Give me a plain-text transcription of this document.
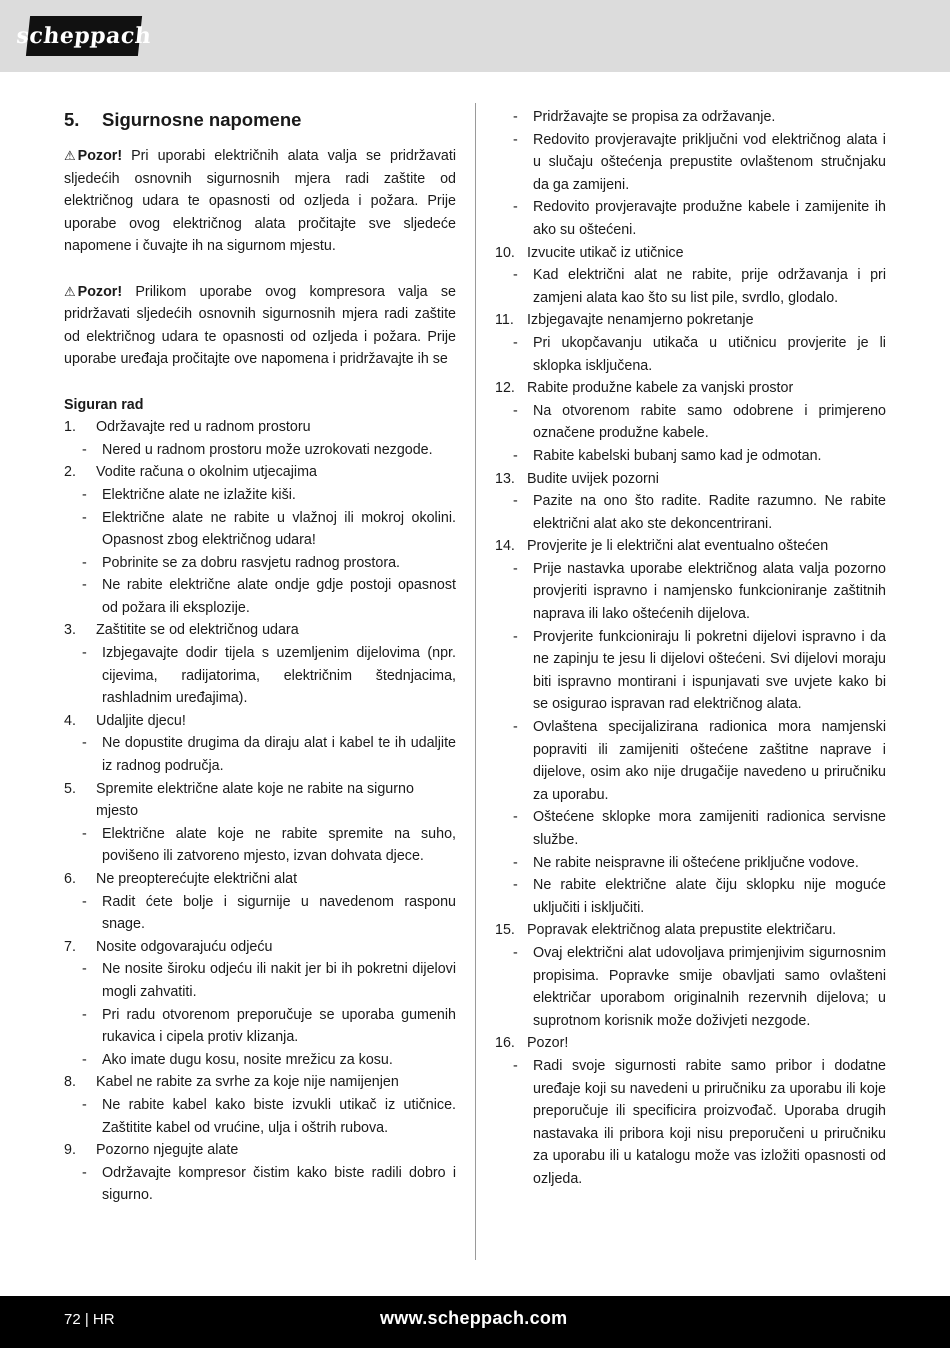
scheppach
5.	Sigurnosne napomene

⚠ Pozor! Pri uporabi električnih alata valja se pridržavati sljedećih osnovnih sigurnosnih mjera radi zaštite od električnog udara te opasnosti od ozljeda i požara. Prije uporabe ovog električnog alata pročitajte sve sljedeće napomene i čuvajte ih na sigurnom mjestu.

⚠ Pozor! Prilikom uporabe ovog kompresora valja se pridržavati sljedećih osnovnih sigurnosnih mjera radi zaštite od električnog udara te opasnosti od ozljeda i požara. Prije uporabe uređaja pročitajte ove napomena i pridržavajte ih se

Siguran rad
1.	Održavajte red u radnom prostoru
-	Nered u radnom prostoru može uzrokovati nezgode.
2.	Vodite računa o okolnim utjecajima
-	Električne alate ne izlažite kiši.
-	Električne alate ne rabite u vlažnoj ili mokroj okolini. Opasnost zbog električnog udara!
-	Pobrinite se za dobru rasvjetu radnog prostora.
-	Ne rabite električne alate ondje gdje postoji opasnost od požara ili eksplozije.
3.	Zaštitite se od električnog udara
-	Izbjegavajte dodir tijela s uzemljenim dijelovima (npr. cijevima, radijatorima, električnim štednjacima, rashladnim uređajima).
4.	Udaljite djecu!
-	Ne dopustite drugima da diraju alat i kabel te ih udaljite iz radnog područja.
5.	Spremite električne alate koje ne rabite na sigurno mjesto
-	Električne alate koje ne rabite spremite na suho, povišeno ili zatvoreno mjesto, izvan dohvata djece.
6.	Ne preopterećujte električni alat
-	Radit ćete bolje i sigurnije u navedenom rasponu snage.
7.	Nosite odgovarajuću odjeću
-	Ne nosite široku odjeću ili nakit jer bi ih pokretni dijelovi mogli zahvatiti.
-	Pri radu otvorenom preporučuje se uporaba gumenih rukavica i cipela protiv klizanja.
-	Ako imate dugu kosu, nosite mrežicu za kosu.
8.	Kabel ne rabite za svrhe za koje nije namijenjen
-	Ne rabite kabel kako biste izvukli utikač iz utičnice. Zaštitite kabel od vrućine, ulja i oštrih rubova.
9.	Pozorno njegujte alate
-	Održavajte kompresor čistim kako biste radili dobro i sigurno.
-	Pridržavajte se propisa za održavanje.
-	Redovito provjeravajte priključni vod električnog alata i u slučaju oštećenja prepustite ovlaštenom stručnjaku da ga zamijeni.
-	Redovito provjeravajte produžne kabele i zamijenite ih ako su oštećeni.
10. Izvucite utikač iz utičnice
-	Kad električni alat ne rabite, prije održavanja i pri zamjeni alata kao što su list pile, svrdlo, glodalo.
11. Izbjegavajte nenamjerno pokretanje
-	Pri ukopčavanju utikača u utičnicu provjerite je li sklopka isključena.
12. Rabite produžne kabele za vanjski prostor
-	Na otvorenom rabite samo odobrene i primjereno označene produžne kabele.
-	Rabite kabelski bubanj samo kad je odmotan.
13. Budite uvijek pozorni
-	Pazite na ono što radite. Radite razumno. Ne rabite električni alat ako ste dekoncentrirani.
14. Provjerite je li električni alat eventualno oštećen
-	Prije nastavka uporabe električnog alata valja pozorno provjeriti ispravno i namjensko funkcioniranje zaštitnih naprava ili lako oštećenih dijelova.
-	Provjerite funkcioniraju li pokretni dijelovi ispravno i da ne zapinju te jesu li dijelovi oštećeni. Svi dijelovi moraju biti ispravno montirani i ispunjavati sve uvjete kako bi se osigurao ispravan rad električnog alata.
-	Ovlaštena specijalizirana radionica mora namjenski popraviti ili zamijeniti oštećene zaštitne naprave i dijelove, osim ako nije drugačije navedeno u priručniku za uporabu.
-	Oštećene sklopke mora zamijeniti radionica servisne službe.
-	Ne rabite neispravne ili oštećene priključne vodove.
-	Ne rabite električne alate čiju sklopku nije moguće uključiti i isključiti.
15. Popravak električnog alata prepustite električaru.
-	Ovaj električni alat udovoljava primjenjivim sigurnosnim propisima. Popravke smije obavljati samo ovlašteni električar uporabom originalnih rezervnih dijelova; u suprotnom korisnik može doživjeti nezgode.
16. Pozor!
-	Radi svoje sigurnosti rabite samo pribor i dodatne uređaje koji su navedeni u priručniku za uporabu ili koje preporučuje ili specificira proizvođač. Uporaba drugih nastavaka ili pribora koji nisu preporučeni u priručniku za uporabu ili u katalogu može vas izložiti opasnosti od ozljeda.
72 | HR	www.scheppach.com
